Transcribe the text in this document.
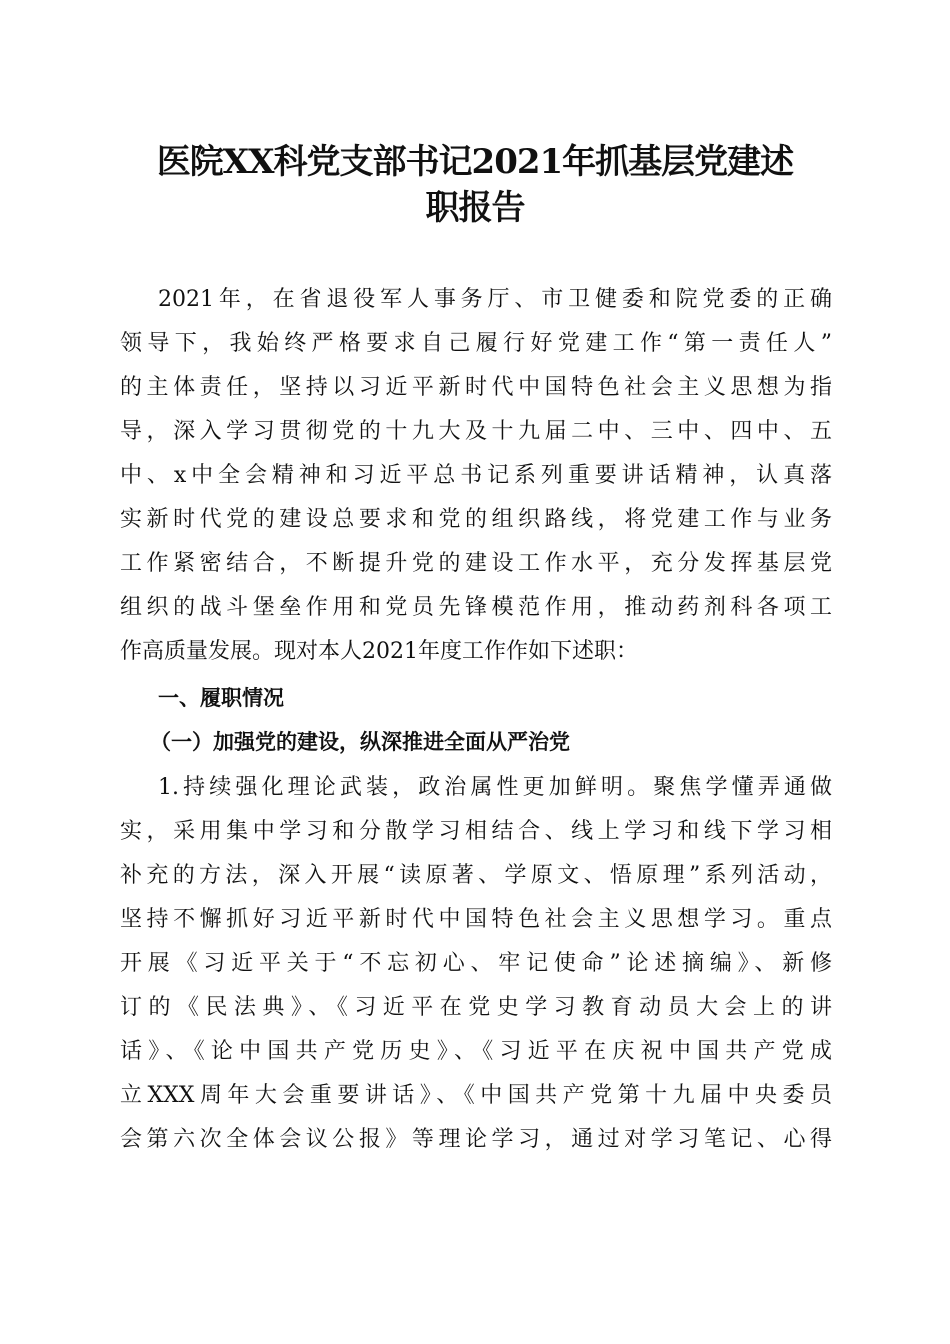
医院XX科党支部书记2021年抓基层党建述
职报告

2021年，在省退役军人事务厅、市卫健委和院党委的正确

领导下，我始终严格要求自己履行好党建工作“第一责任人”

的主体责任，坚持以习近平新时代中国特色社会主义思想为指

导，深入学习贯彻党的十九大及十九届二中、三中、四中、五

中、x中全会精神和习近平总书记系列重要讲话精神，认真落

实新时代党的建设总要求和党的组织路线，将党建工作与业务

工作紧密结合，不断提升党的建设工作水平，充分发挥基层党

组织的战斗堡垒作用和党员先锋模范作用，推动药剂科各项工

作高质量发展。现对本人2021年度工作作如下述职：

一、履职情况
（一）加强党的建设，纵深推进全面从严治党

1.持续强化理论武装，政治属性更加鲜明。聚焦学懂弄通做

实，采用集中学习和分散学习相结合、线上学习和线下学习相

补充的方法，深入开展“读原著、学原文、悟原理”系列活动，

坚持不懈抓好习近平新时代中国特色社会主义思想学习。重点

开展《习近平关于“不忘初心、牢记使命”论述摘编》、新修

订的《民法典》、《习近平在党史学习教育动员大会上的讲

话》、《论中国共产党历史》、《习近平在庆祝中国共产党成

立XXX周年大会重要讲话》、《中国共产党第十九届中央委员

会第六次全体会议公报》等理论学习，通过对学习笔记、心得
